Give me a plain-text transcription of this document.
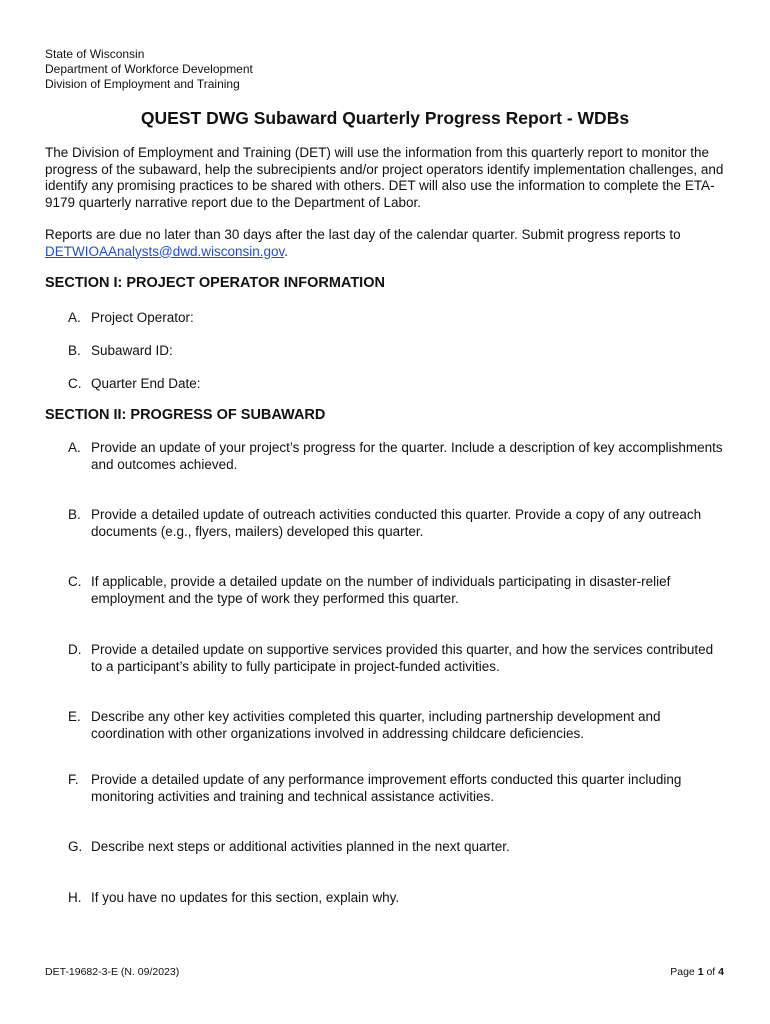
State of Wisconsin
Department of Workforce Development
Division of Employment and Training
QUEST DWG Subaward Quarterly Progress Report - WDBs

The Division of Employment and Training (DET) will use the information from this quarterly report to monitor the progress of the subaward, help the subrecipients and/or project operators identify implementation challenges, and identify any promising practices to be shared with others. DET will also use the information to complete the ETA-9179 quarterly narrative report due to the Department of Labor.

Reports are due no later than 30 days after the last day of the calendar quarter. Submit progress reports to DETWIOAAnalysts@dwd.wisconsin.gov.

SECTION I: PROJECT OPERATOR INFORMATION
A. Project Operator:
B. Subaward ID:
C. Quarter End Date:
SECTION II: PROGRESS OF SUBAWARD
A. Provide an update of your project’s progress for the quarter. Include a description of key accomplishments and outcomes achieved.
B. Provide a detailed update of outreach activities conducted this quarter. Provide a copy of any outreach documents (e.g., flyers, mailers) developed this quarter.
C. If applicable, provide a detailed update on the number of individuals participating in disaster-relief employment and the type of work they performed this quarter.
D. Provide a detailed update on supportive services provided this quarter, and how the services contributed to a participant’s ability to fully participate in project-funded activities.
E. Describe any other key activities completed this quarter, including partnership development and coordination with other organizations involved in addressing childcare deficiencies.
F. Provide a detailed update of any performance improvement efforts conducted this quarter including monitoring activities and training and technical assistance activities.
G. Describe next steps or additional activities planned in the next quarter.
H. If you have no updates for this section, explain why.
DET-19682-3-E (N. 09/2023)	Page 1 of 4
